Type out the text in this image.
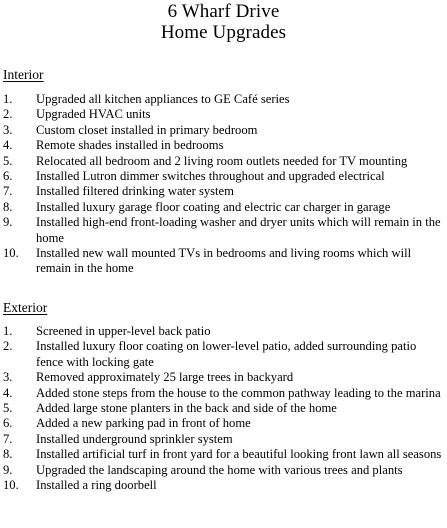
6 Wharf Drive
Home Upgrades
Interior
1. Upgraded all kitchen appliances to GE Café series
2. Upgraded HVAC units
3. Custom closet installed in primary bedroom
4. Remote shades installed in bedrooms
5. Relocated all bedroom and 2 living room outlets needed for TV mounting
6. Installed Lutron dimmer switches throughout and upgraded electrical
7. Installed filtered drinking water system
8. Installed luxury garage floor coating and electric car charger in garage
9. Installed high-end front-loading washer and dryer units which will remain in the home
10. Installed new wall mounted TVs in bedrooms and living rooms which will remain in the home
Exterior
1. Screened in upper-level back patio
2. Installed luxury floor coating on lower-level patio, added surrounding patio fence with locking gate
3. Removed approximately 25 large trees in backyard
4. Added stone steps from the house to the common pathway leading to the marina
5. Added large stone planters in the back and side of the home
6. Added a new parking pad in front of home
7. Installed underground sprinkler system
8. Installed artificial turf in front yard for a beautiful looking front lawn all seasons
9. Upgraded the landscaping around the home with various trees and plants
10. Installed a ring doorbell
